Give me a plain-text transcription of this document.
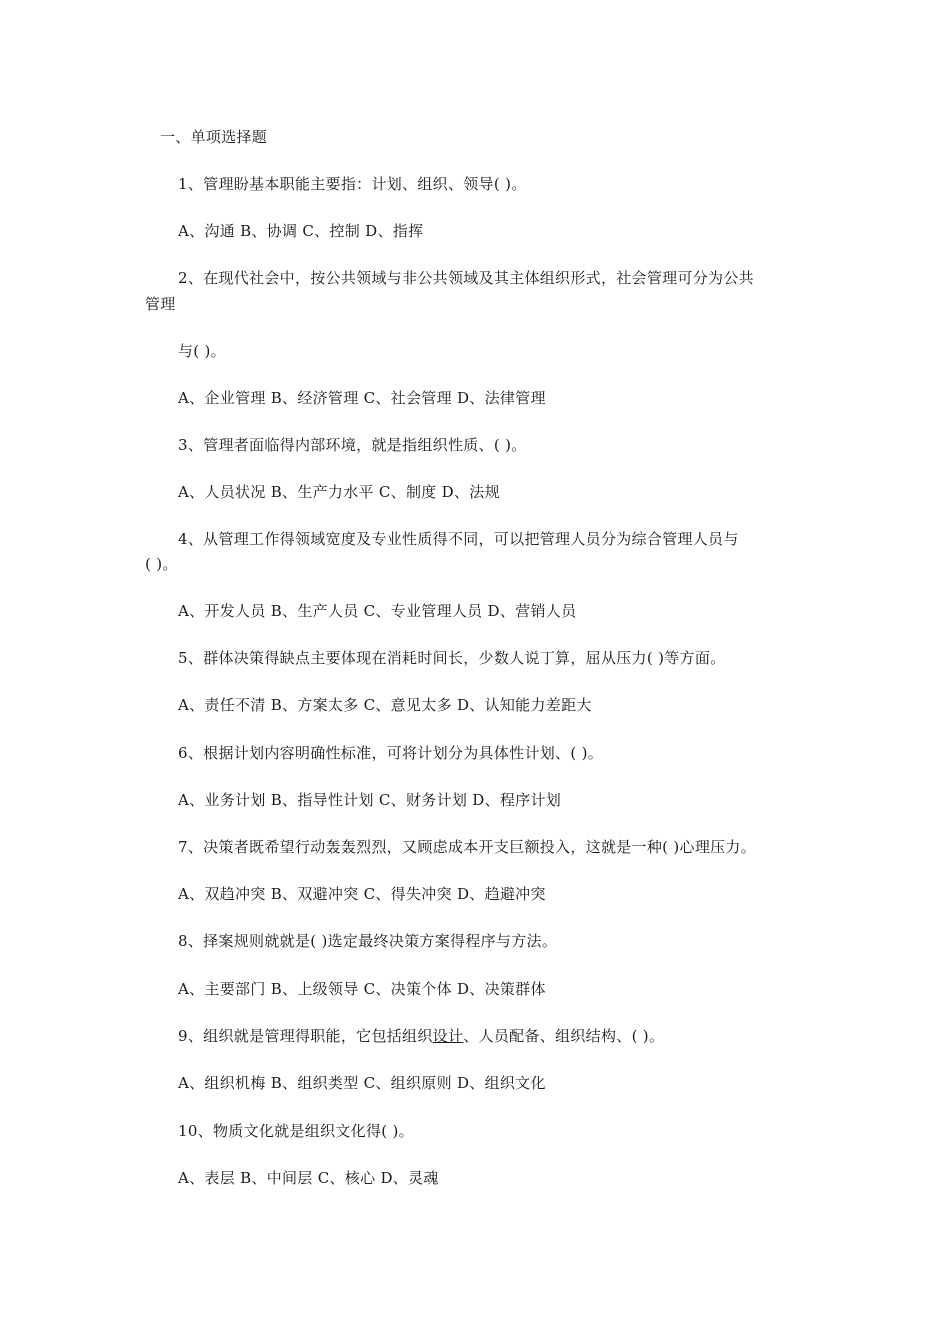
一、单项选择题
1、管理盼基本职能主要指：计划、组织、领导( )。
A、沟通 B、协调 C、控制 D、指挥
2、在现代社会中，按公共领域与非公共领域及其主体组织形式，社会管理可分为公共
管理
与( )。
A、企业管理 B、经济管理 C、社会管理 D、法律管理
3、管理者面临得内部环境，就是指组织性质、( )。
A、人员状况 B、生产力水平 C、制度 D、法规
4、从管理工作得领域宽度及专业性质得不同，可以把管理人员分为综合管理人员与
( )。
A、开发人员 B、生产人员 C、专业管理人员 D、营销人员
5、群体决策得缺点主要体现在消耗时间长，少数人说丁算，屈从压力( )等方面。
A、责任不清 B、方案太多 C、意见太多 D、认知能力差距大
6、根据计划内容明确性标准，可将计划分为具体性计划、( )。
A、业务计划 B、指导性计划 C、财务计划 D、程序计划
7、决策者既希望行动轰轰烈烈，又顾虑成本开支巨额投入，这就是一种( )心理压力。
A、双趋冲突 B、双避冲突 C、得失冲突 D、趋避冲突
8、择案规则就就是( )选定最终决策方案得程序与方法。
A、主要部门 B、上级领导 C、决策个体 D、决策群体
9、组织就是管理得职能，它包括组织设计、人员配备、组织结构、( )。
A、组织机梅 B、组织类型 C、组织原则 D、组织文化
10、物质文化就是组织文化得( )。
A、表层 B、中间层 C、核心 D、灵魂
